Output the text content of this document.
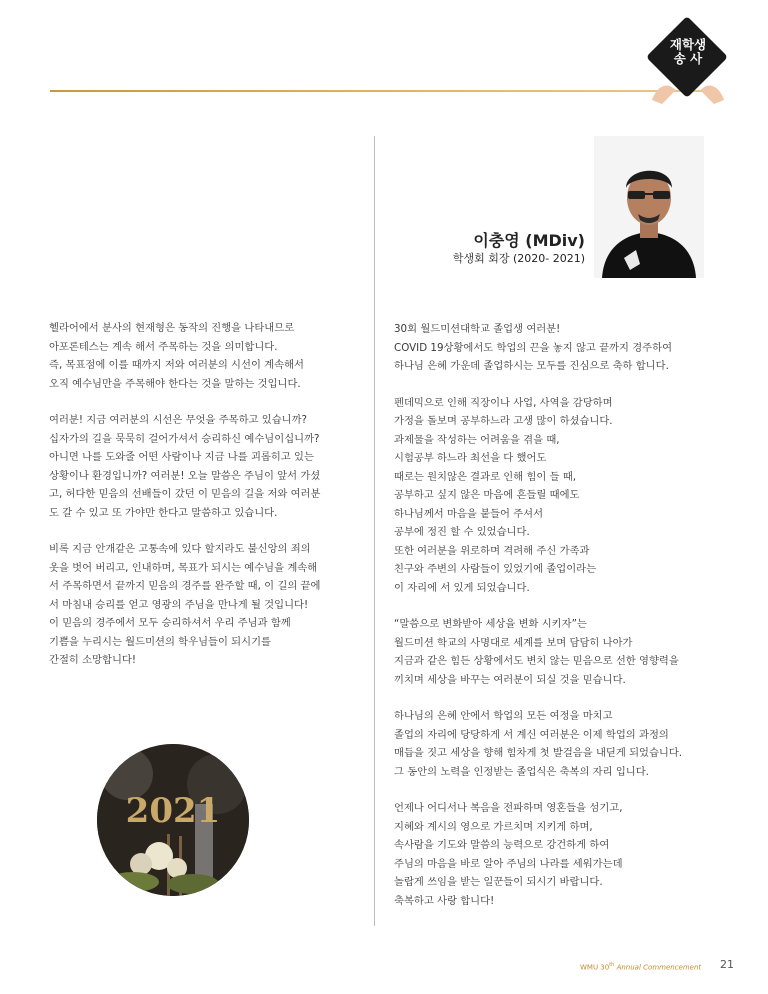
재학생
송 사
이충영 (MDiv)
학생회 회장 (2020- 2021)
헬라어에서 분사의 현재형은 동작의 진행을 나타내므로
아포론테스는 계속 해서 주목하는 것을 의미합니다.
즉, 목표점에 이를 때까지 저와 여러분의 시선이 계속해서
오직 예수님만을 주목해야 한다는 것을 말하는 것입니다.
여러분! 지금 여러분의 시선은 무엇을 주목하고 있습니까?
십자가의 길을 묵묵히 걸어가셔서 승리하신 예수님이십니까?
아니면 나를 도와줄 어떤 사람이나 지금 나를 괴롭히고 있는
상황이나 환경입니까? 여러분! 오늘 말씀은 주님이 앞서 가셨
고, 허다한 믿음의 선배들이 갔던 이 믿음의 길을 저와 여러분
도 갈 수 있고 또 가야만 한다고 말씀하고 있습니다.
비록 지금 안개같은 고통속에 있다 할지라도 불신앙의 죄의
옷을 벗어 버리고, 인내하며, 목표가 되시는 예수님을 계속해
서 주목하면서 끝까지 믿음의 경주를 완주할 때, 이 길의 끝에
서 마침내 승리를 얻고 영광의 주님을 만나게 될 것입니다!
이 믿음의 경주에서 모두 승리하셔서 우리 주님과 함께
기쁨을 누리시는 월드미션의 학우님들이 되시기를
간절히 소망합니다!
30회 월드미션대학교 졸업생 여러분!
COVID 19상황에서도 학업의 끈을 놓지 않고 끝까지 경주하여
하나님 은혜 가운데 졸업하시는 모두를 진심으로 축하 합니다.
펜데믹으로 인해 직장이나 사업, 사역을 감당하며
가정을 돌보며 공부하느라 고생 많이 하셨습니다.
과제물을 작성하는 어려움을 겪을 때,
시험공부 하느라 최선을 다 했어도
때로는 원치않은 결과로 인해 힘이 들 때,
공부하고 싶지 않은 마음에 흔들릴 때에도
하나님께서 마음을 붙들어 주셔서
공부에 정진 할 수 있었습니다.
또한 여러분을 위로하며 격려해 주신 가족과
친구와 주변의 사람들이 있었기에 졸업이라는
이 자리에 서 있게 되었습니다.
“말씀으로 변화받아 세상을 변화 시키자”는
월드미션 학교의 사명대로 세계를 보며 담담히 나아가
지금과 같은 힘든 상황에서도 변치 않는 믿음으로 선한 영향력을
끼치며 세상을 바꾸는 여러분이 되실 것을 믿습니다.
하나님의 은혜 안에서 학업의 모든 여정을 마치고
졸업의 자리에 당당하게 서 계신 여러분은 이제 학업의 과정의
매듭을 짓고 세상을 향해 힘차게 첫 발걸음을 내딛게 되었습니다.
그 동안의 노력을 인정받는 졸업식은 축복의 자리 입니다.
언제나 어디서나 복음을 전파하며 영혼들을 섬기고,
지혜와 계시의 영으로 가르치며 지키게 하며,
속사람을 기도와 말씀의 능력으로 강건하게 하여
주님의 마음을 바로 알아 주님의 나라를 세워가는데
놀랍게 쓰임을 받는 일꾼들이 되시기 바랍니다.
축복하고 사랑 합니다!
2021
WMU 30th Annual Commencement 21
